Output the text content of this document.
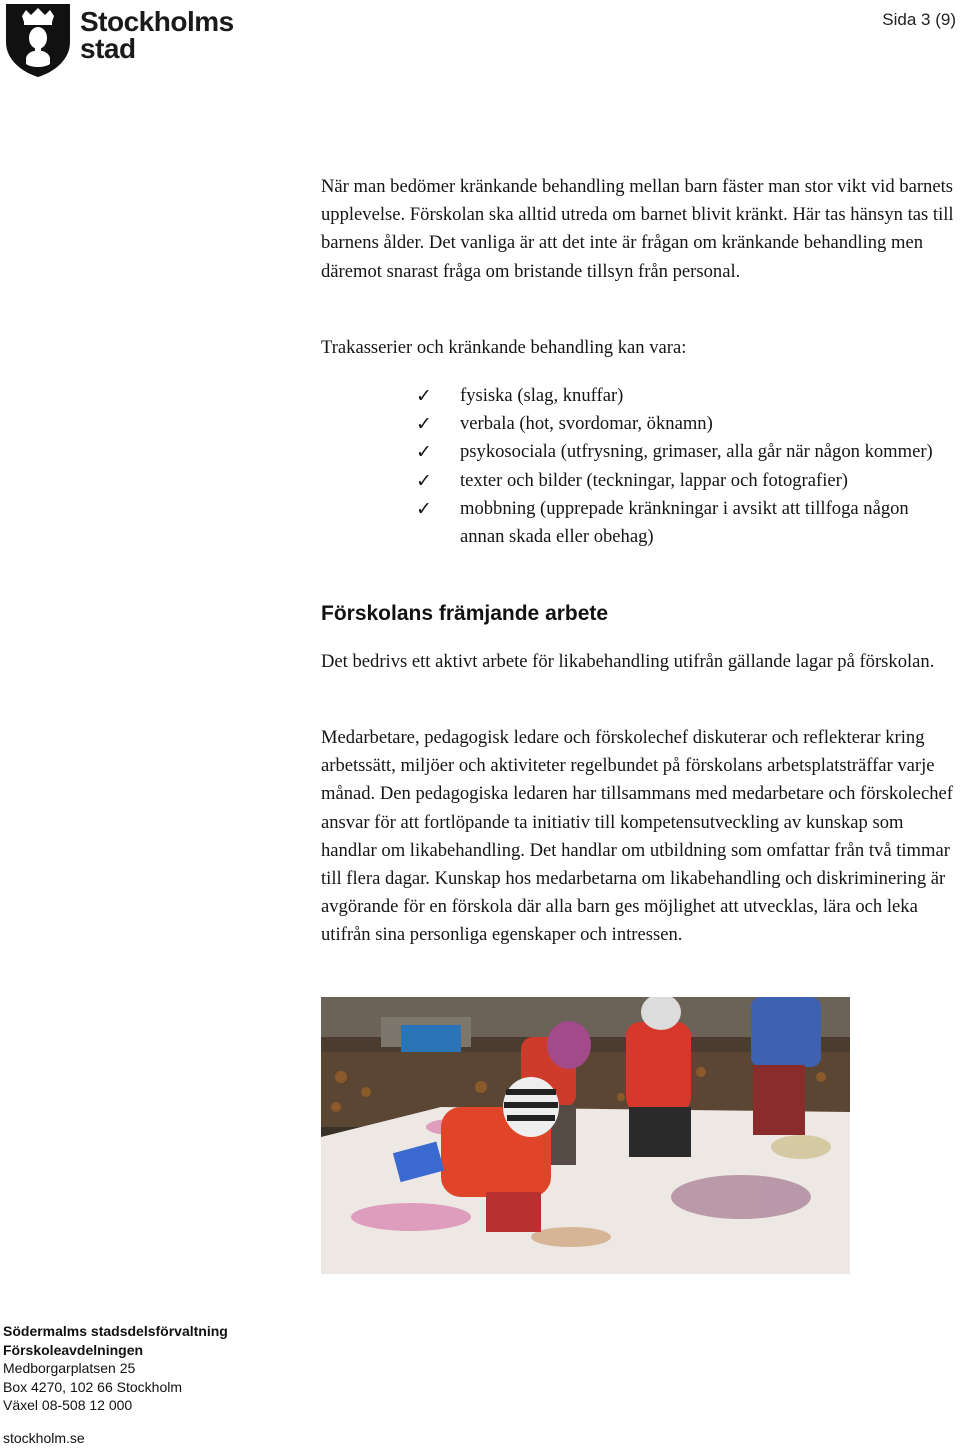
Stockholms
stad
Sida 3 (9)

När man bedömer kränkande behandling mellan barn fäster man stor vikt vid barnets upplevelse. Förskolan ska alltid utreda om barnet blivit kränkt. Här tas hänsyn tas till barnens ålder. Det vanliga är att det inte är frågan om kränkande behandling men däremot snarast fråga om bristande tillsyn från personal.

Trakasserier och kränkande behandling kan vara:

✓ fysiska (slag, knuffar)
✓ verbala (hot, svordomar, öknamn)
✓ psykosociala (utfrysning, grimaser, alla går när någon kommer)
✓ texter och bilder (teckningar, lappar och fotografier)
✓ mobbning (upprepade kränkningar i avsikt att tillfoga någon annan skada eller obehag)
Förskolans främjande arbete

Det bedrivs ett aktivt arbete för likabehandling utifrån gällande lagar på förskolan.

Medarbetare, pedagogisk ledare och förskolechef diskuterar och reflekterar kring arbetssätt, miljöer och aktiviteter regelbundet på förskolans arbetsplatsträffar varje månad. Den pedagogiska ledaren har tillsammans med medarbetare och förskolechef ansvar för att fortlöpande ta initiativ till kompetensutveckling av kunskap som handlar om likabehandling. Det handlar om utbildning som omfattar från två timmar till flera dagar. Kunskap hos medarbetarna om likabehandling och diskriminering är avgörande för en förskola där alla barn ges möjlighet att utvecklas, lära och leka utifrån sina personliga egenskaper och intressen.

Södermalms stadsdelsförvaltning
Förskoleavdelningen
Medborgarplatsen 25
Box 4270, 102 66 Stockholm
Växel 08-508 12 000
stockholm.se
